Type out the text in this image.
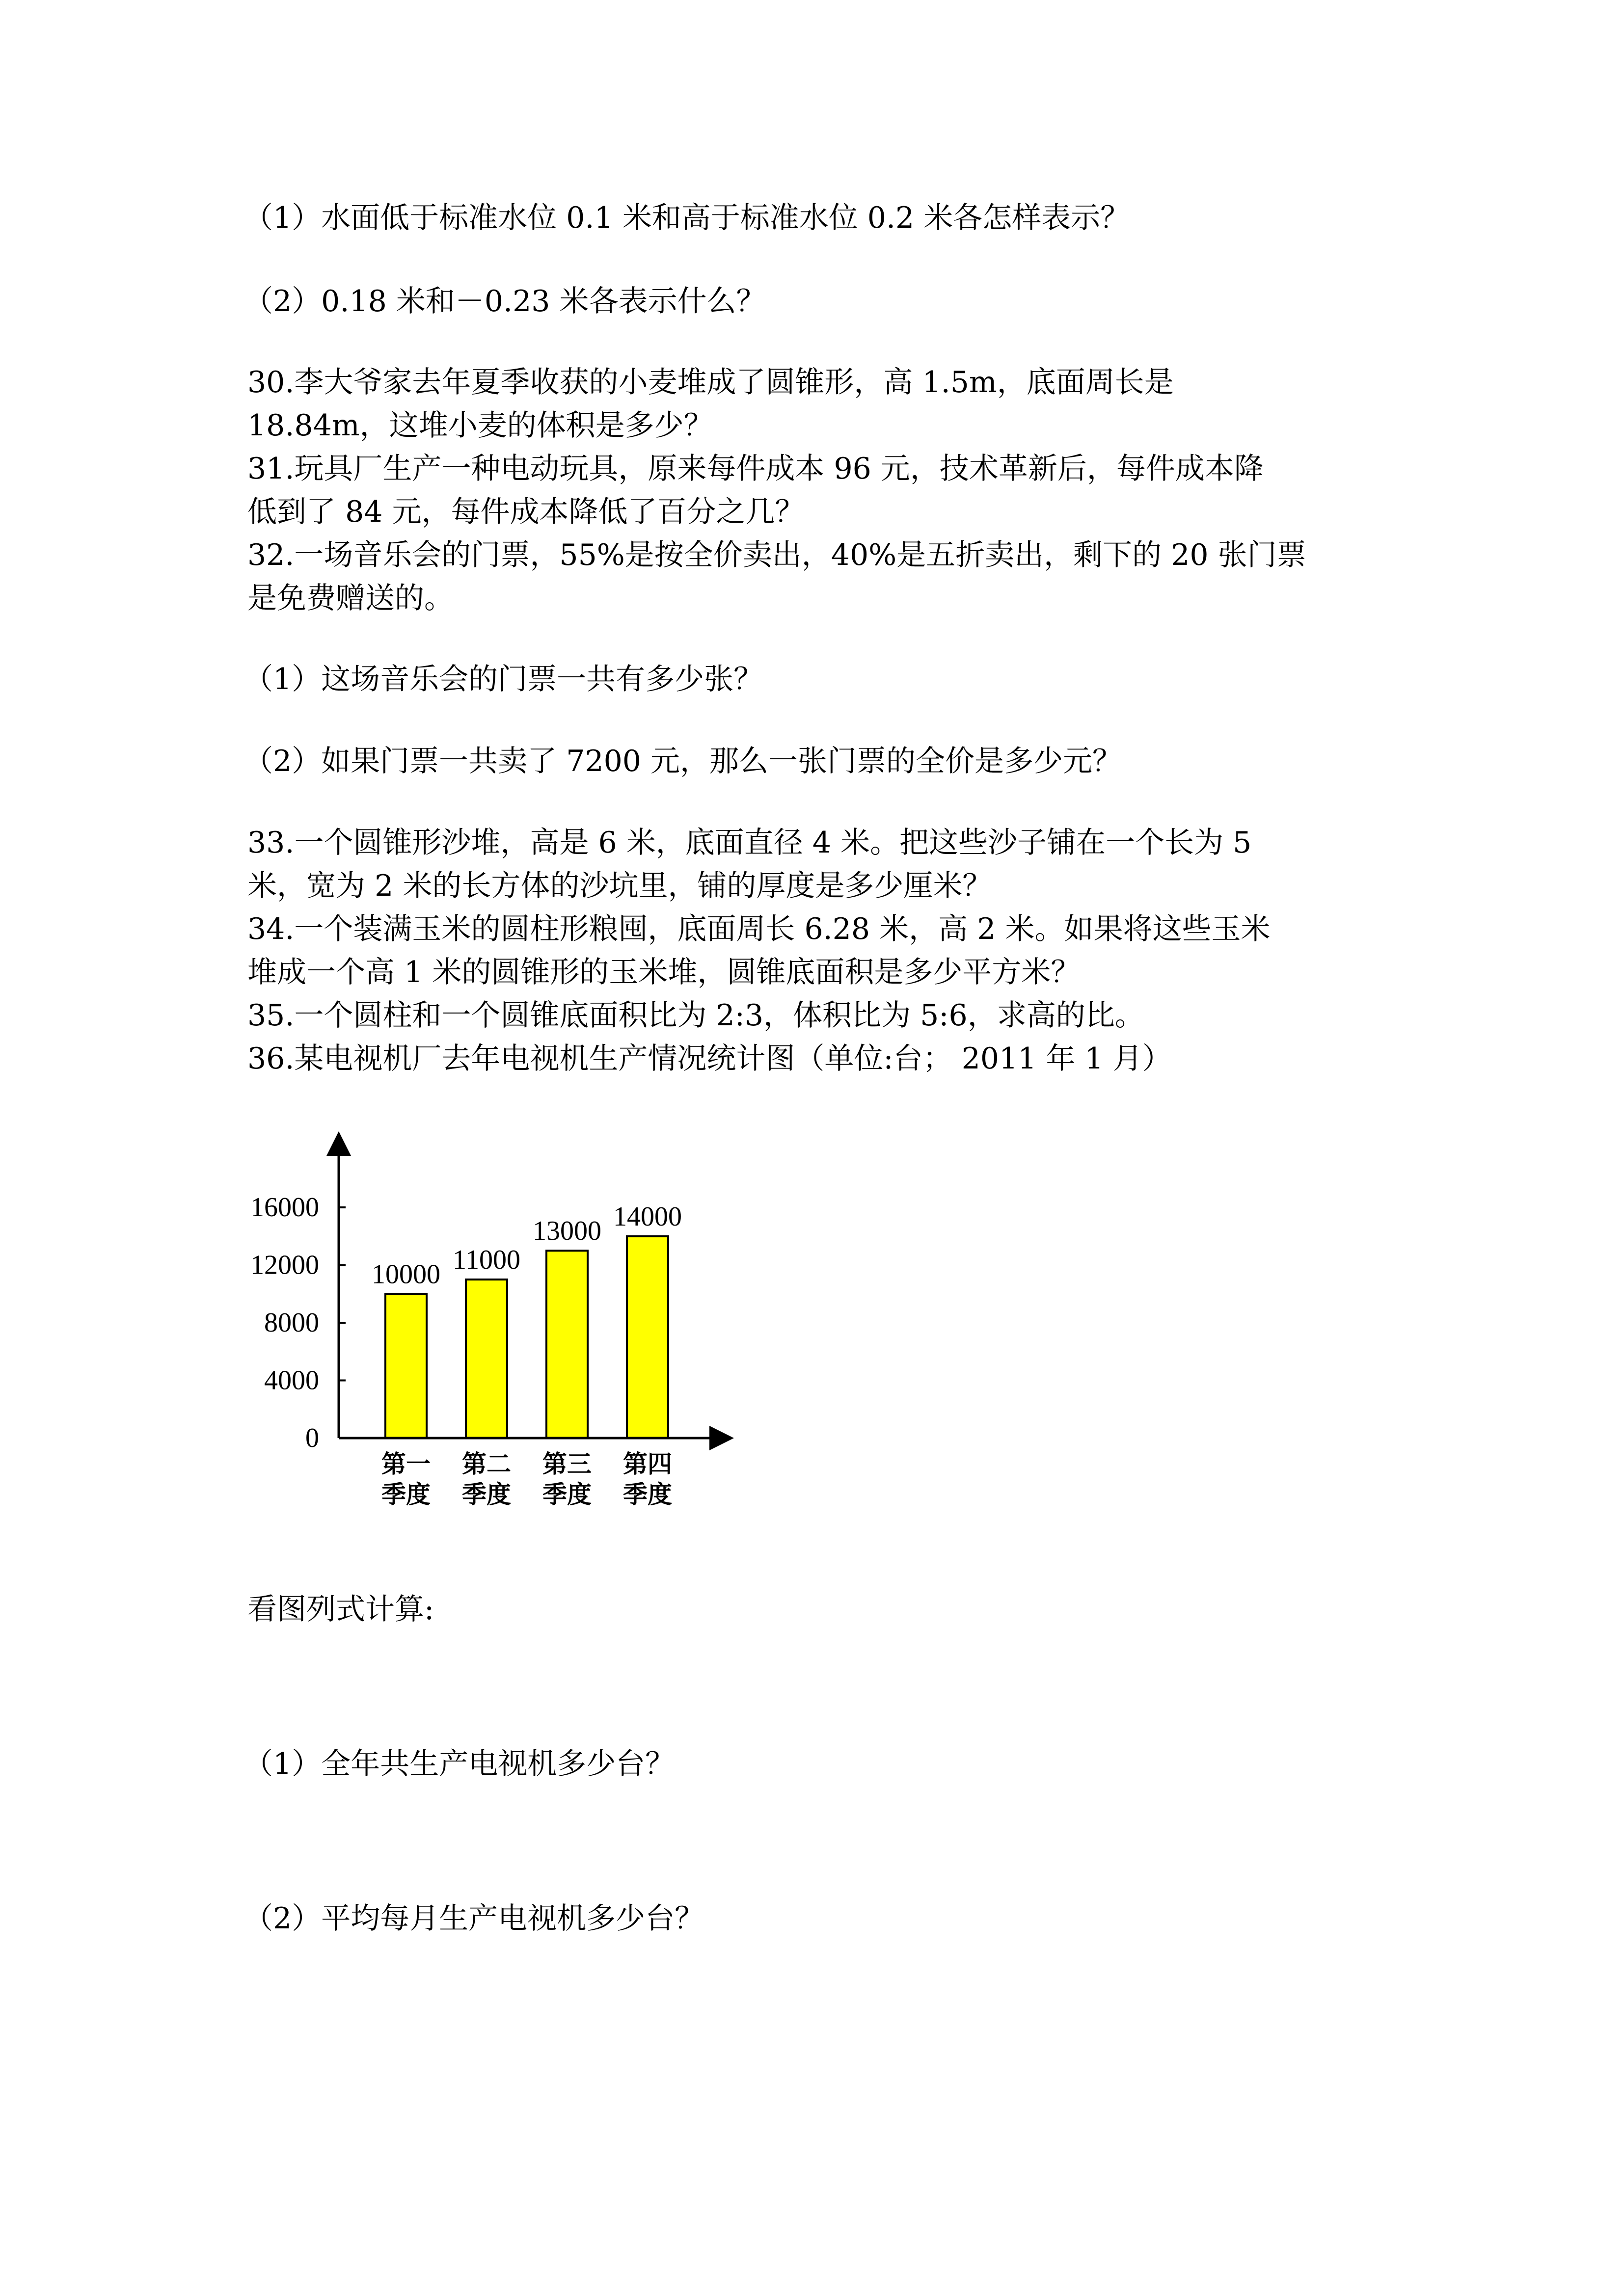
（1）水面低于标准水位 0.1 米和高于标准水位 0.2 米各怎样表示？
（2）0.18 米和－0.23 米各表示什么？
30.李大爷家去年夏季收获的小麦堆成了圆锥形，高 1.5m，底面周长是
18.84m，这堆小麦的体积是多少？
31.玩具厂生产一种电动玩具，原来每件成本 96 元，技术革新后，每件成本降
低到了 84 元，每件成本降低了百分之几？
32.一场音乐会的门票，55%是按全价卖出，40%是五折卖出，剩下的 20 张门票
是免费赠送的。
（1）这场音乐会的门票一共有多少张？
（2）如果门票一共卖了 7200 元，那么一张门票的全价是多少元？
33.一个圆锥形沙堆，高是 6 米，底面直径 4 米。把这些沙子铺在一个长为 5
米，宽为 2 米的长方体的沙坑里，铺的厚度是多少厘米？
34.一个装满玉米的圆柱形粮囤，底面周长 6.28 米，高 2 米。如果将这些玉米
堆成一个高 1 米的圆锥形的玉米堆，圆锥底面积是多少平方米？
35.一个圆柱和一个圆锥底面积比为 2:3，体积比为 5:6，求高的比。
36.某电视机厂去年电视机生产情况统计图（单位:台； 2011 年 1 月）
0
4000
8000
12000
16000
10000 11000
13000 14000
第一
季度
第二
季度
第三
季度
第四
季度
看图列式计算:
（1）全年共生产电视机多少台？
（2）平均每月生产电视机多少台？
